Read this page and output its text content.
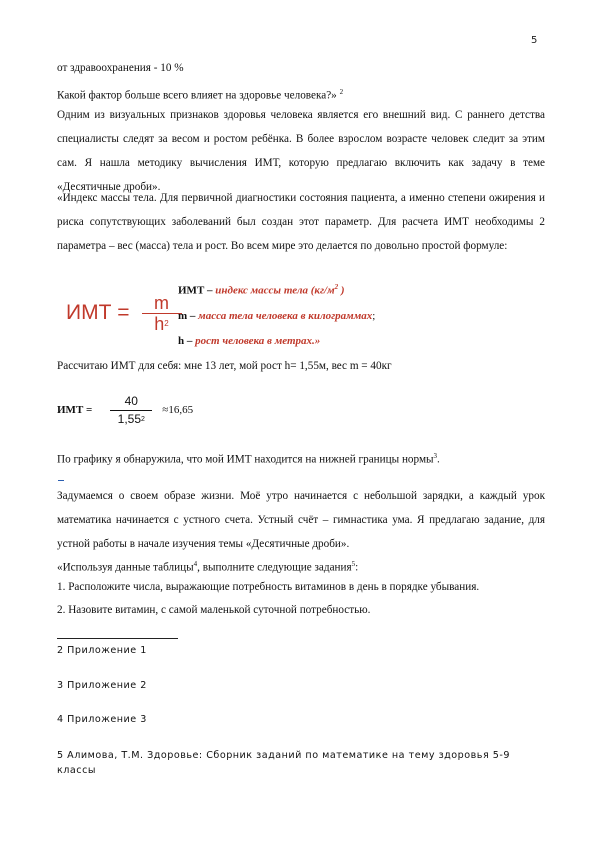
5
от здравоохранения - 10 %
Какой фактор больше всего влияет на здоровье человека?» $^2$
Одним из визуальных признаков здоровья человека является его внешний вид. С раннего детства специалисты следят за весом и ростом ребёнка. В более взрослом возрасте человек следит за этим сам. Я нашла методику вычисления ИМТ, которую предлагаю включить как задачу в теме «Десятичные дроби».
«Индекс массы тела. Для первичной диагностики состояния пациента, а именно степени ожирения и риска сопутствующих заболеваний был создан этот параметр. Для расчета ИМТ необходимы 2 параметра – вес (масса) тела и рост. Во всем мире это делается по довольно простой формуле:
ИМТ = $\frac{m}{h^2}$
ИМТ – индекс массы тела ($кг/м^2$ )
m – масса тела человека в килограммах;
h – рост человека в метрах.»
Рассчитаю ИМТ для себя: мне 13 лет, мой рост h= 1,55м, вес m = 40кг
ИМТ = $\frac{40}{1,55^2} \approx 16,65$
По графику я обнаружила, что мой ИМТ находится на нижней границы нормы$^3$.
Задумаемся о своем образе жизни. Моё утро начинается с небольшой зарядки, а каждый урок математика начинается с устного счета. Устный счёт – гимнастика ума. Я предлагаю задание, для устной работы в начале изучения темы «Десятичные дроби».
«Используя данные таблицы$^4$, выполните следующие задания$^5$:
1. Расположите числа, выражающие потребность витаминов в день в порядке убывания.
2. Назовите витамин, с самой маленькой суточной потребностью.
2 Приложение 1
3 Приложение 2
4 Приложение 3
5 Алимова, Т.М. Здоровье: Сборник заданий по математике на тему здоровья 5-9 классы
